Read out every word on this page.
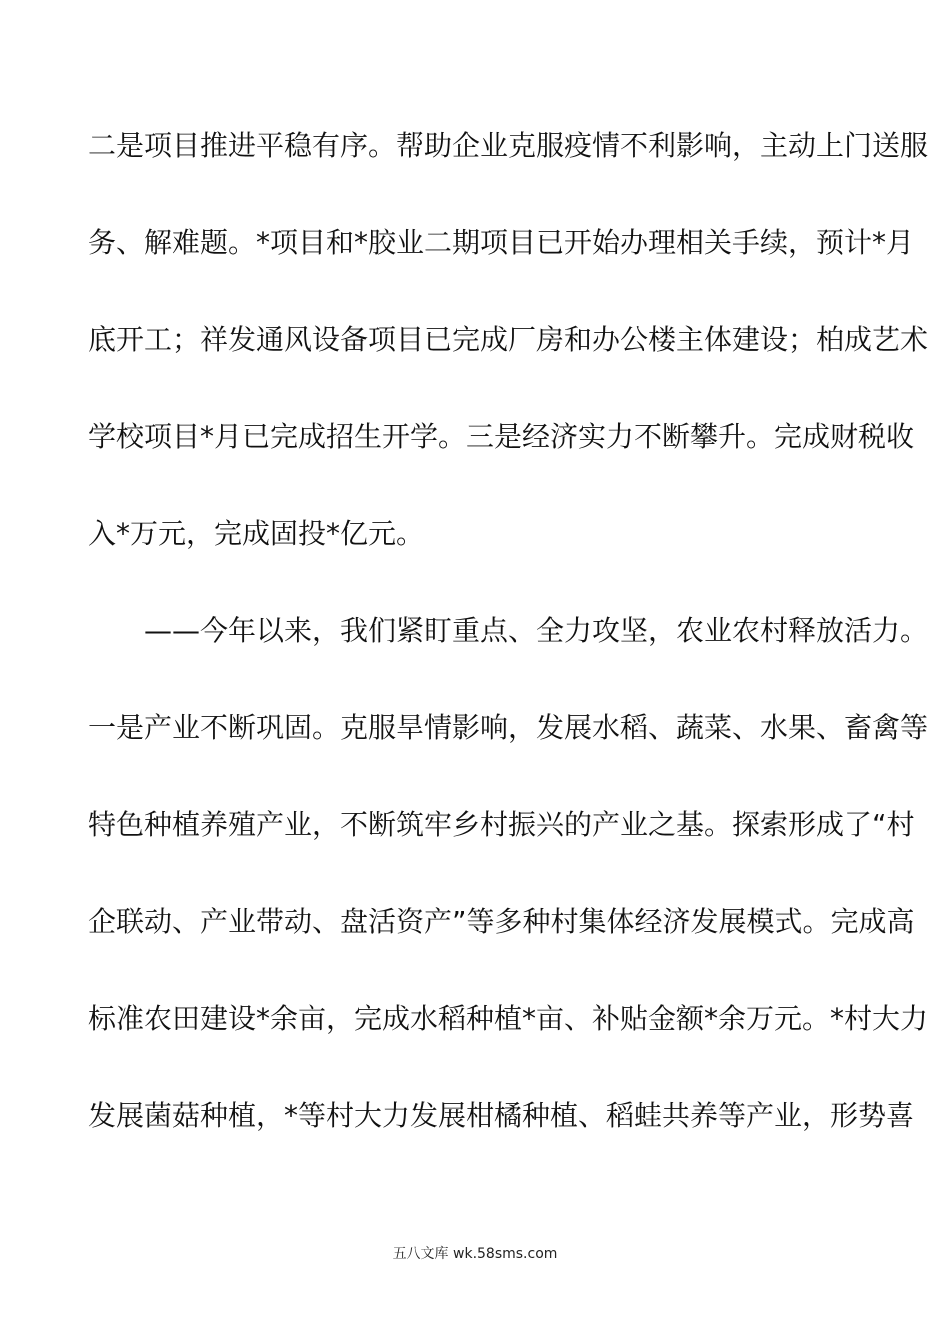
二是项目推进平稳有序。帮助企业克服疫情不利影响，主动上门送服
务、解难题。*项目和*胶业二期项目已开始办理相关手续，预计*月
底开工；祥发通风设备项目已完成厂房和办公楼主体建设；柏成艺术
学校项目*月已完成招生开学。三是经济实力不断攀升。完成财税收
入*万元，完成固投*亿元。
——今年以来，我们紧盯重点、全力攻坚，农业农村释放活力。
一是产业不断巩固。克服旱情影响，发展水稻、蔬菜、水果、畜禽等
特色种植养殖产业，不断筑牢乡村振兴的产业之基。探索形成了“村
企联动、产业带动、盘活资产”等多种村集体经济发展模式。完成高
标准农田建设*余亩，完成水稻种植*亩、补贴金额*余万元。*村大力
发展菌菇种植，*等村大力发展柑橘种植、稻蛙共养等产业，形势喜
五八文库 wk.58sms.com
